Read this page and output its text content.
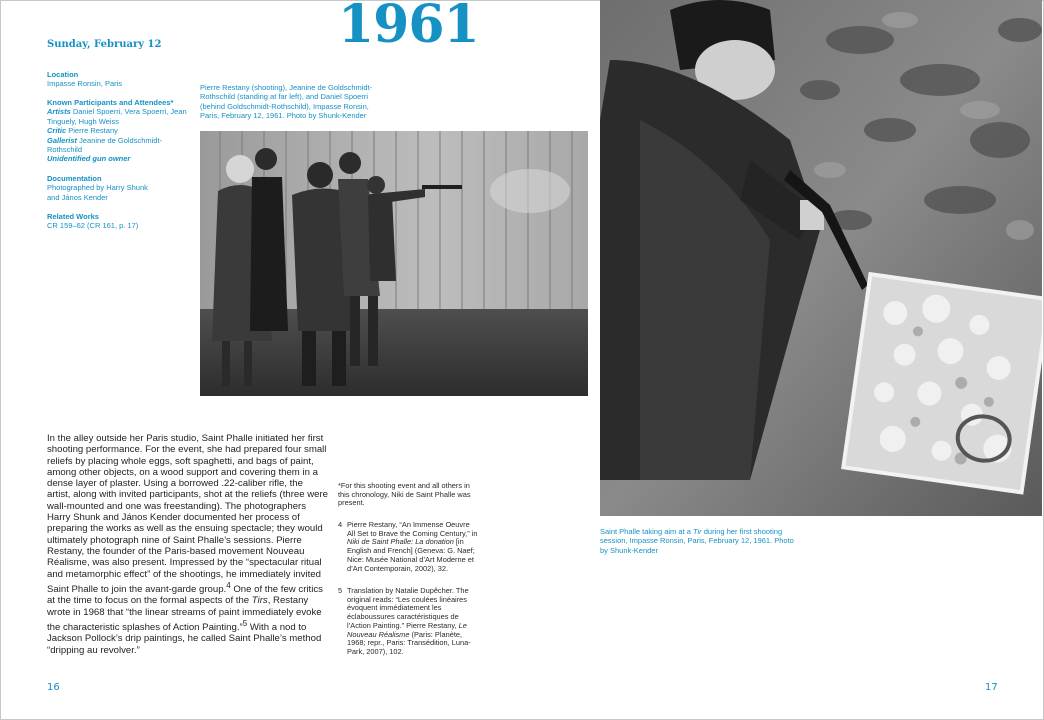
1961
Sunday, February 12
Location
Impasse Ronsin, Paris
Known Participants and Attendees*
Artists Daniel Spoerri, Vera Spoerri, Jean Tinguely, Hugh Weiss
Critic Pierre Restany
Gallerist Jeanine de Goldschmidt-Rothschild
Unidentified gun owner
Documentation
Photographed by Harry Shunk and János Kender
Related Works
CR 159–62 (CR 161, p. 17)
Pierre Restany (shooting), Jeanine de Goldschmidt-Rothschild (standing at far left), and Daniel Spoerri (behind Goldschmidt-Rothschild), Impasse Ronsin, Paris, February 12, 1961. Photo by Shunk-Kender
Saint Phalle taking aim at a Tir during her first shooting session, Impasse Ronsin, Paris, February 12, 1961. Photo by Shunk-Kender

In the alley outside her Paris studio, Saint Phalle initiated her first shooting performance. For the event, she had prepared four small reliefs by placing whole eggs, soft spaghetti, and bags of paint, among other objects, on a wood support and covering them in a dense layer of plaster. Using a borrowed .22-caliber rifle, the artist, along with invited participants, shot at the reliefs (three were wall-mounted and one was freestanding). The photographers Harry Shunk and János Kender documented her process of preparing the works as well as the ensuing spectacle; they would ultimately photograph nine of Saint Phalle’s sessions. Pierre Restany, the founder of the Paris-based movement Nouveau Réalisme, was also present. Impressed by the “spectacular ritual and metamorphic effect” of the shootings, he immediately invited Saint Phalle to join the avant-garde group.$^4$ One of the few critics at the time to focus on the formal aspects of the Tirs, Restany wrote in 1968 that “the linear streams of paint immediately evoke the characteristic splashes of Action Painting.”$^5$ With a nod to Jackson Pollock’s drip paintings, he called Saint Phalle’s method “dripping au revolver.”

*For this shooting event and all others in this chronology, Niki de Saint Phalle was present.
4 Pierre Restany, “An Immense Oeuvre All Set to Brave the Coming Century,” in Niki de Saint Phalle: La donation [in English and French] (Geneva: G. Naef; Nice: Musée National d’Art Moderne et d’Art Contemporain, 2002), 32.
5 Translation by Natalie Dupêcher. The original reads: “Les coulées linéaires évoquent immédiatement les éclaboussures caractéristiques de l’Action Painting.” Pierre Restany, Le Nouveau Réalisme (Paris: Planète, 1968; repr., Paris: Transédition, Luna-Park, 2007), 102.
16	17
